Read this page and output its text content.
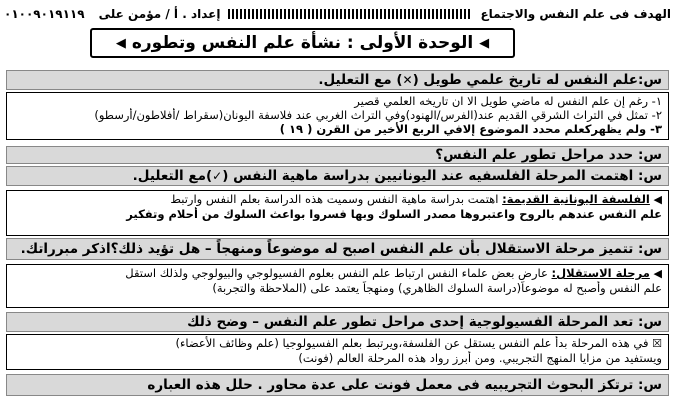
الهدف فى علم النفس والاجتماع
إعداد . أ / مؤمن على
٠١٠٠٩٠١٩١١٩
◀
الوحدة الأولى : نشأة علم النفس وتطوره
◀
س:
علم النفس له تاريخ علمي طويل (
✕
) مع التعليل.

١- رغم إن علم النفس له ماضي طويل الا ان تاريخه العلمي قصير

٢- تمثل في التراث الشرقي القديم عند(الفرس/الهنود)وفي التراث الغربي عند فلاسفة اليونان(سقراط /أفلاطون/أرسطو)

٣- ولم يظهركعلم محدد الموضوع إلافي الربع الأخير من القرن ( ١٩ )

س: حدد مراحل تطور علم النفس؟
س: اهتمت المرحلة الفلسفيه عند اليونانيين بدراسة ماهية النفس (
✓
)مع التعليل.

◀ الفلسفة اليونانية القديمة: اهتمت بدراسة ماهية النفس وسميت هذه الدراسة بعلم النفس وارتبط

علم النفس عندهم بالروح واعتبروها مصدر السلوك وبها فسروا بواعث السلوك من أحلام وتفكير

س: تتميز مرحلة الاستقلال بأن علم النفس اصبح له موضوعاً ومنهجاً – هل تؤيد ذلك؟اذكر مبرراتك.

◀ مرحلة الاستقلال: عارض بعض علماء النفس ارتباط علم النفس بعلوم الفسيولوجي والبيولوجي ولذلك استقل

علم النفس وأصبح له موضوعاً(دراسة السلوك الظاهري) ومنهجاً يعتمد على (الملاحظة والتجربة)

س: تعد المرحلة الفسيولوجية إحدى مراحل تطور علم النفس – وضح ذلك

☒ في هذه المرحلة بدأ علم النفس يستقل عن الفلسفة،ويرتبط بعلم الفسيولوجيا (علم وظائف الأعضاء)

ويستفيد من مزايا المنهج التجريبي. ومن أبرز رواد هذه المرحلة العالم (فونت)

س: ترتكز البحوث التجريبيه فى معمل فونت على عدة محاور . حلل هذه العباره
